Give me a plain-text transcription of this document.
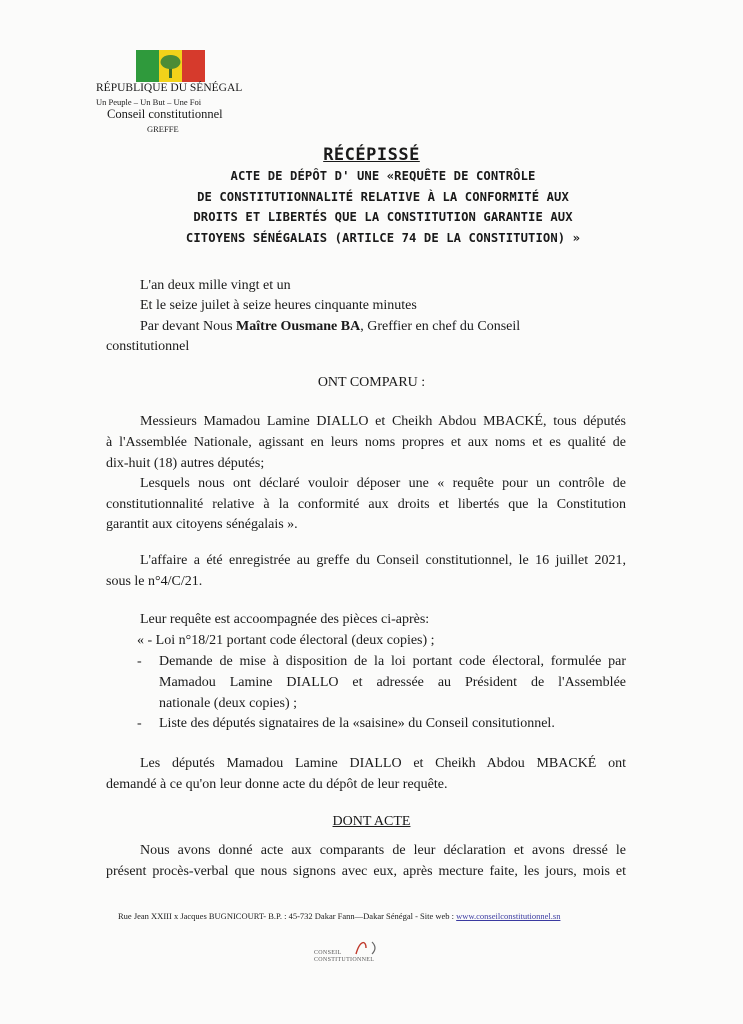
RÉPUBLIQUE DU SÉNÉGAL
Un Peuple – Un But – Une Foi
Conseil constitutionnel
GREFFE
RÉCÉPISSÉ
ACTE DE DÉPÔT D' UNE «REQUÊTE DE CONTRÔLE
DE CONSTITUTIONNALITÉ RELATIVE À LA CONFORMITÉ AUX
DROITS ET LIBERTÉS QUE LA CONSTITUTION GARANTIE AUX
CITOYENS SÉNÉGALAIS (ARTILCE 74 DE LA CONSTITUTION) »
L'an deux mille vingt et un
Et le seize juilet à seize heures cinquante minutes
Par devant Nous Maître Ousmane BA, Greffier en chef du Conseil
constitutionnel
ONT COMPARU :
Messieurs Mamadou Lamine DIALLO et Cheikh Abdou MBACKÉ, tous députés
à l'Assemblée Nationale, agissant en leurs noms propres et aux noms et es qualité de
dix-huit (18) autres députés;
Lesquels nous ont déclaré vouloir déposer une « requête pour un contrôle de
constitutionnalité relative à la conformité aux droits et libertés que la Constitution
garantit aux citoyens sénégalais ».
L'affaire a été enregistrée au greffe du Conseil constitutionnel, le 16 juillet 2021,
sous le n°4/C/21.
Leur requête est accoompagnée des pièces ci-après:
« - Loi n°18/21 portant code électoral (deux copies) ;
- Demande de mise à disposition de la loi portant code électoral, formulée par
Mamadou Lamine DIALLO et adressée au Président de l'Assemblée
nationale (deux copies) ;
- Liste des députés signataires de la «saisine» du Conseil consitutionnel.
Les députés Mamadou Lamine DIALLO et Cheikh Abdou MBACKÉ ont
demandé à ce qu'on leur donne acte du dépôt de leur requête.
DONT ACTE
Nous avons donné acte aux comparants de leur déclaration et avons dressé le
présent procès-verbal que nous signons avec eux, après mecture faite, les jours, mois et
Rue Jean XXIII x Jacques BUGNICOURT- B.P. : 45-732 Dakar Fann—Dakar Sénégal - Site web : www.conseilconstitutionnel.sn
CONSEIL
CONSTITUTIONNEL
